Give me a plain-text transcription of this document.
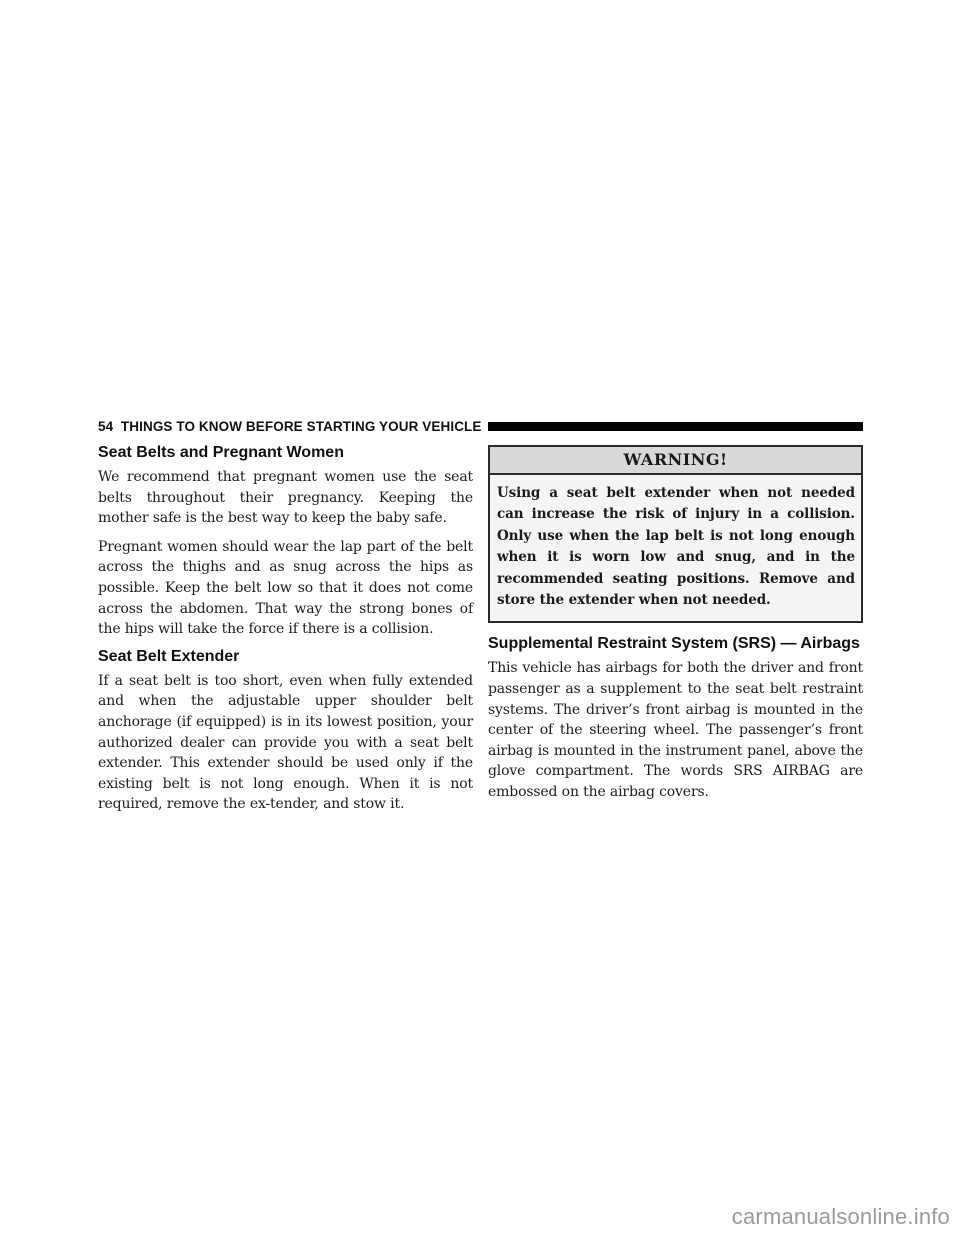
54 THINGS TO KNOW BEFORE STARTING YOUR VEHICLE
Seat Belts and Pregnant Women

We recommend that pregnant women use the seat belts throughout their pregnancy. Keeping the mother safe is the best way to keep the baby safe.

Pregnant women should wear the lap part of the belt across the thighs and as snug across the hips as possible. Keep the belt low so that it does not come across the abdomen. That way the strong bones of the hips will take the force if there is a collision.

Seat Belt Extender

If a seat belt is too short, even when fully extended and when the adjustable upper shoulder belt anchorage (if equipped) is in its lowest position, your authorized dealer can provide you with a seat belt extender. This extender should be used only if the existing belt is not long enough. When it is not required, remove the ex-tender, and stow it.

WARNING!
Using a seat belt extender when not needed can increase the risk of injury in a collision. Only use when the lap belt is not long enough when it is worn low and snug, and in the recommended seating positions. Remove and store the extender when not needed.
Supplemental Restraint System (SRS) — Airbags

This vehicle has airbags for both the driver and front passenger as a supplement to the seat belt restraint systems. The driver’s front airbag is mounted in the center of the steering wheel. The passenger’s front airbag is mounted in the instrument panel, above the glove compartment. The words SRS AIRBAG are embossed on the airbag covers.

carmanualsonline.info
